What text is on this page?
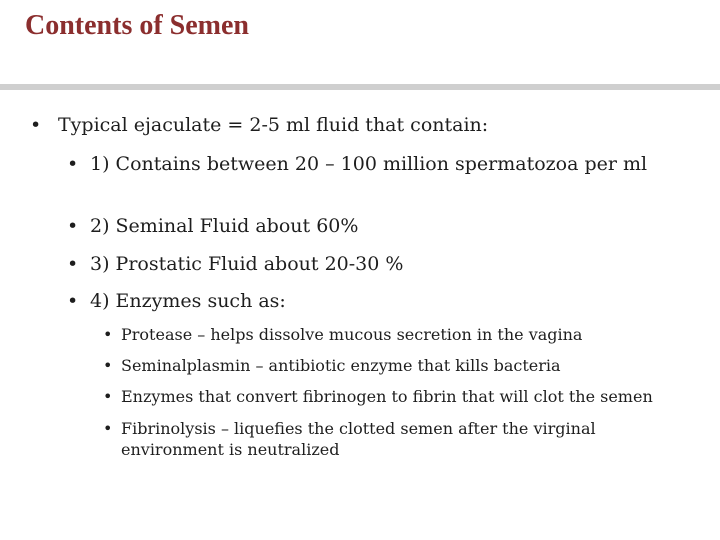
Contents of Semen
• Typical ejaculate = 2-5 ml fluid that contain:
• 1) Contains between 20 – 100 million spermatozoa per ml
• 2) Seminal Fluid about 60%
• 3) Prostatic Fluid about 20-30 %
• 4) Enzymes such as:
• Protease – helps dissolve mucous secretion in the vagina
• Seminalplasmin – antibiotic enzyme that kills bacteria
• Enzymes that convert fibrinogen to fibrin that will clot the semen
• Fibrinolysis – liquefies the clotted semen after the virginal environment is neutralized
